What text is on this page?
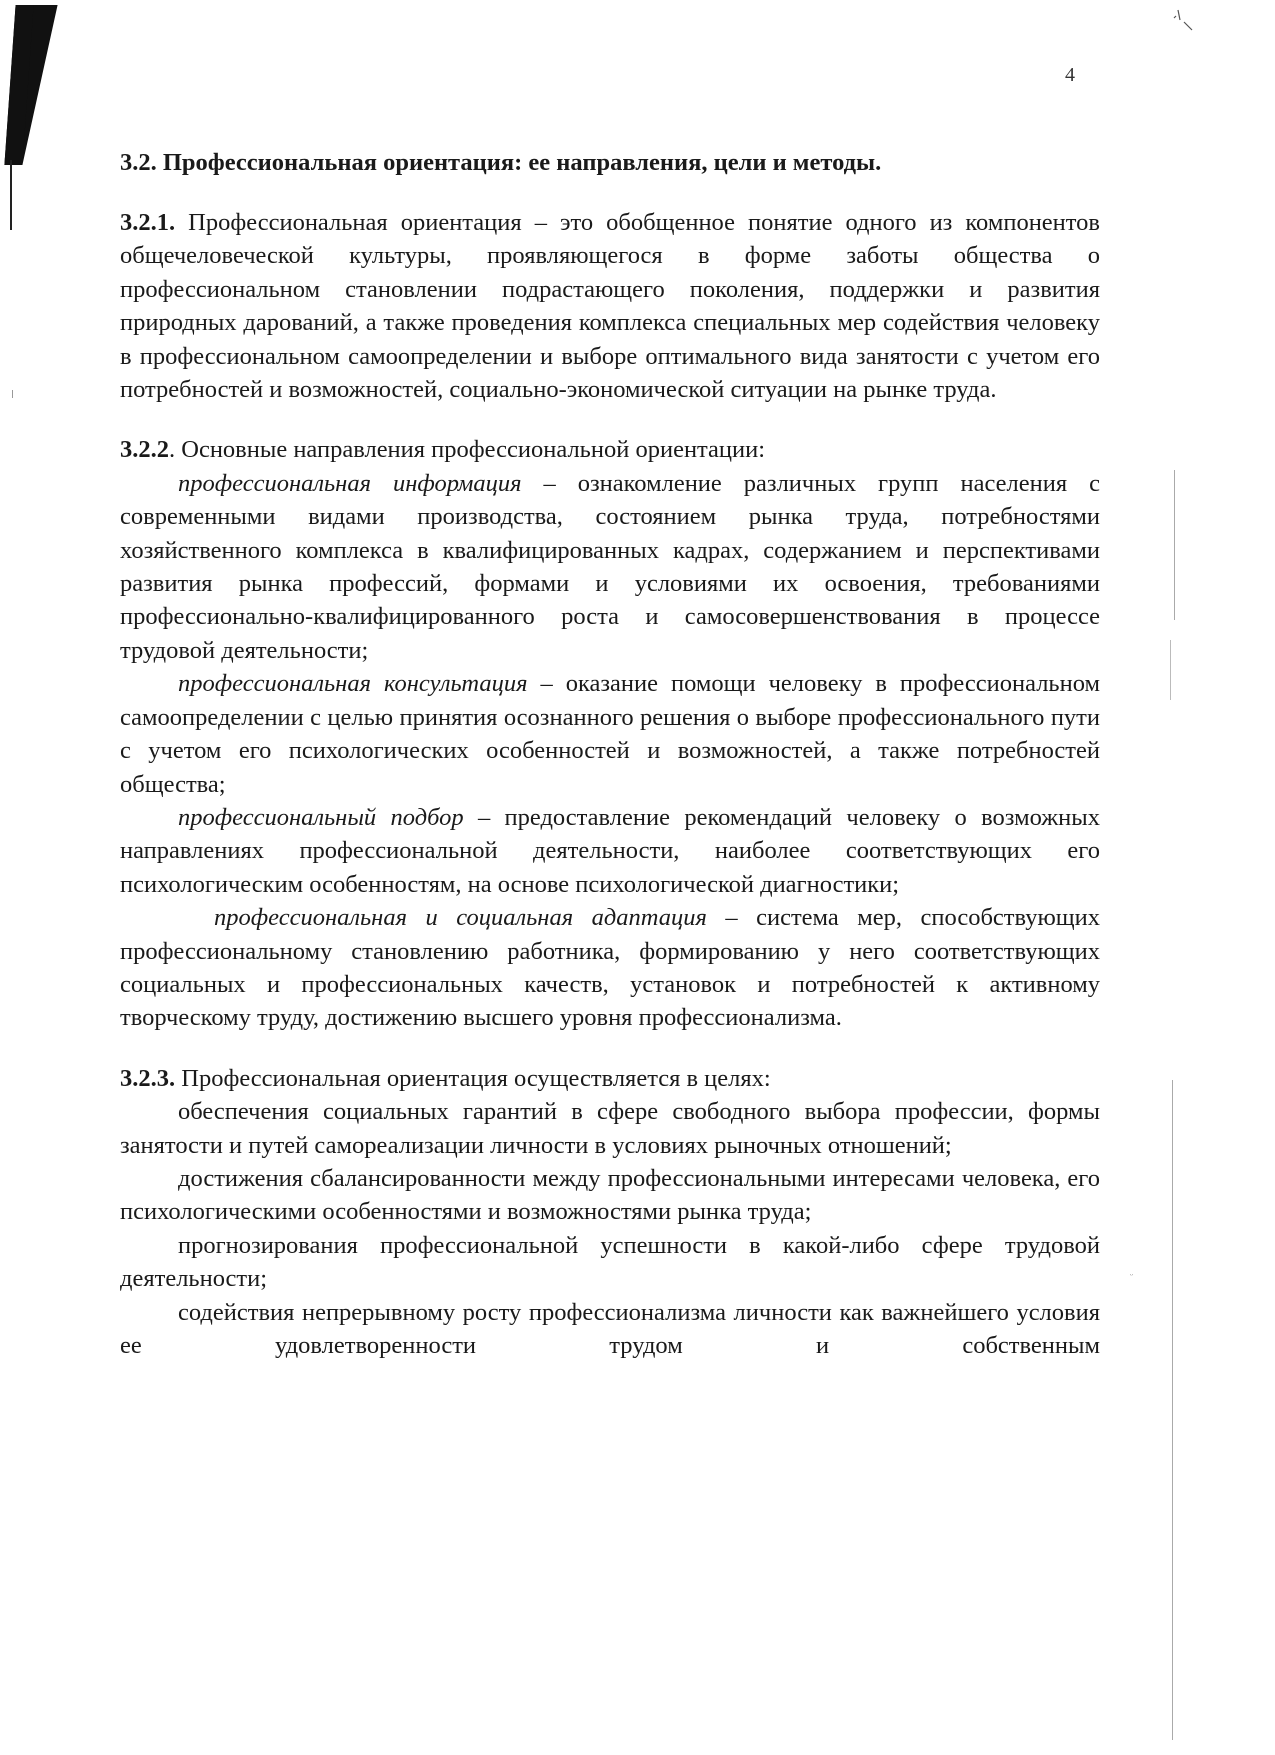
ᵕ
4

3.2. Профессиональная ориентация: ее направления, цели и методы.

3.2.1. Профессиональная ориентация – это обобщенное понятие одного из компонентов общечеловеческой культуры, проявляющегося в форме заботы общества о профессиональном становлении подрастающего поколения, поддержки и развития природных дарований, а также проведения комплекса специальных мер содействия человеку в профессиональном самоопределении и выборе оптимального вида занятости с учетом его потребностей и возможностей, социально-экономической ситуации на рынке труда.

3.2.2. Основные направления профессиональной ориентации:

профессиональная информация – ознакомление различных групп населения с современными видами производства, состоянием рынка труда, потребностями хозяйственного комплекса в квалифицированных кадрах, содержанием и перспективами развития рынка профессий, формами и условиями их освоения, требованиями профессионально-квалифицированного роста и самосовершенствования в процессе трудовой деятельности;

профессиональная консультация – оказание помощи человеку в профессиональном самоопределении с целью принятия осознанного решения о выборе профессионального пути с учетом его психологических особенностей и возможностей, а также потребностей общества;

профессиональный подбор – предоставление рекомендаций человеку о возможных направлениях профессиональной деятельности, наиболее соответствующих его психологическим особенностям, на основе психологической диагностики;

профессиональная и социальная адаптация – система мер, способствующих профессиональному становлению работника, формированию у него соответствующих социальных и профессиональных качеств, установок и потребностей к активному творческому труду, достижению высшего уровня профессионализма.

3.2.3. Профессиональная ориентация осуществляется в целях:

обеспечения социальных гарантий в сфере свободного выбора профессии, формы занятости и путей самореализации личности в условиях рыночных отношений;

достижения сбалансированности между профессиональными интересами человека, его психологическими особенностями и возможностями рынка труда;

прогнозирования профессиональной успешности в какой-либо сфере трудовой деятельности;

содействия непрерывному росту профессионализма личности как важнейшего условия ее удовлетворенности трудом и собственным
